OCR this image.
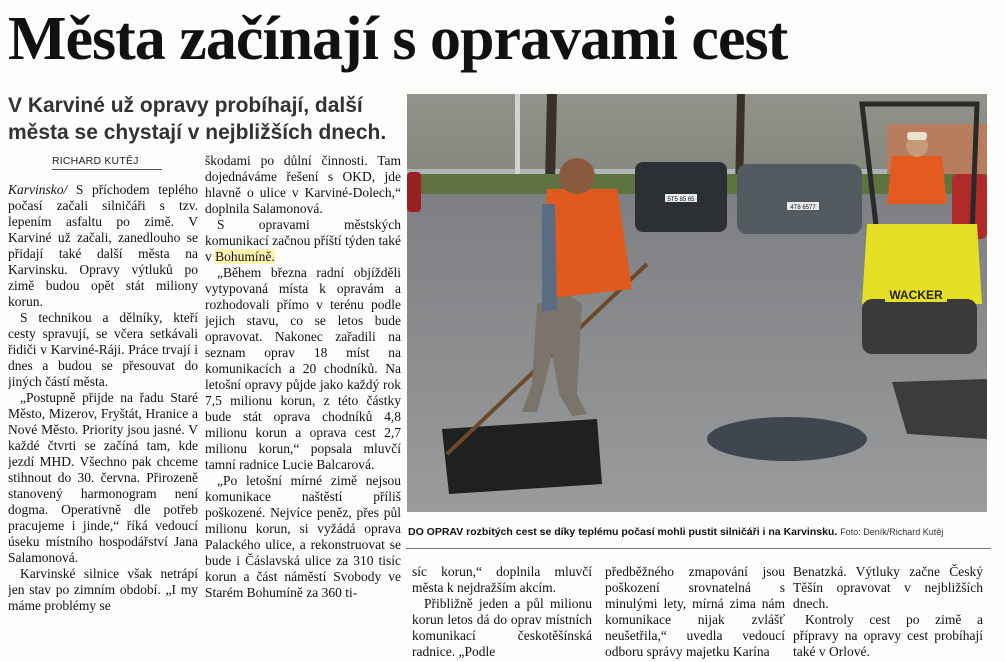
Města začínají s opravami cest
V Karviné už opravy probíhají, další města se chystají v nejbližších dnech.
RICHARD KUTĚJ

Karvinsko/ S příchodem teplého počasí začali silničáři s tzv. lepením asfaltu po zimě. V Karviné už začali, zanedlouho se přidají také další města na Karvinsku. Opravy výtluků po zimě budou opět stát miliony korun.

S technikou a dělníky, kteří cesty spravují, se včera setkávali řidiči v Karviné-Ráji. Práce trvají i dnes a budou se přesouvat do jiných částí města.

„Postupně přijde na řadu Staré Město, Mizerov, Fryštát, Hranice a Nové Město. Priority jsou jasné. V každé čtvrti se začíná tam, kde jezdí MHD. Všechno pak chceme stihnout do 30. června. Přirozeně stanovený harmonogram není dogma. Operativně dle potřeb pracujeme i jinde,“ říká vedoucí úseku místního hospodářství Jana Salamonová.

Karvinské silnice však netrápí jen stav po zimním období. „I my máme problémy se

škodami po důlní činnosti. Tam dojednáváme řešení s OKD, jde hlavně o ulice v Karviné-Dolech,“ doplnila Salamonová.

S opravami městských komunikací začnou příští týden také v Bohumíně.

„Během března radní objížděli vytypovaná místa k opravám a rozhodovali přímo v terénu podle jejich stavu, co se letos bude opravovat. Nakonec zařadili na seznam oprav 18 míst na komunikacích a 20 chodníků. Na letošní opravy půjde jako každý rok 7,5 milionu korun, z této částky bude stát oprava chodníků 4,8 milionu korun a oprava cest 2,7 milionu korun,“ popsala mluvčí tamní radnice Lucie Balcarová.

„Po letošní mírné zimě nejsou komunikace naštěstí příliš poškozené. Nejvíce peněz, přes půl milionu korun, si vyžádá oprava Palackého ulice, a rekonstruovat se bude i Čáslavská ulice za 310 tisíc korun a část náměstí Svobody ve Starém Bohumíně za 360 ti-

5T5 85 65
4T8 6577
WACKER
DO OPRAV rozbitých cest se díky teplému počasí mohli pustit silničáři i na Karvinsku. Foto: Deník/Richard Kutěj

síc korun,“ doplnila mluvčí města k nejdražším akcím.

Přibližně jeden a půl milionu korun letos dá do oprav místních komunikací českotěšínská radnice. „Podle

předběžného zmapování jsou poškození srovnatelná s minulými lety, mírná zima nám komunikace nijak zvlášť neušetřila,“ uvedla vedoucí odboru správy majetku Karína

Benatzká. Výtluky začne Český Těšín opravovat v nejbližších dnech.

Kontroly cest po zimě a přípravy na opravy cest probíhají také v Orlové.
